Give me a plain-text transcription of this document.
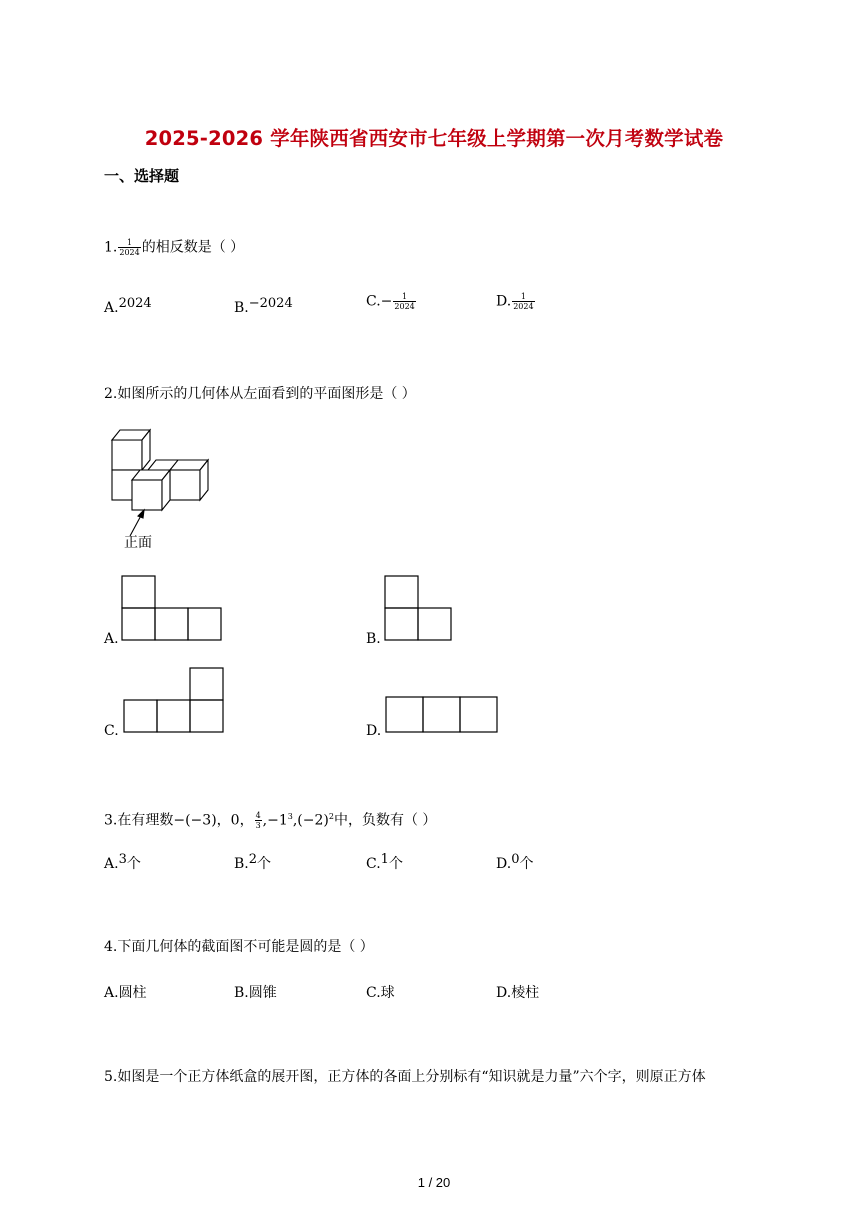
2025-2026 学年陕西省西安市七年级上学期第一次月考数学试卷
一、选择题
1. $\frac{1}{2024}$ 的相反数是（ ）
A.2024	B.−2024	$C.- \frac{1}{2024}$	D. $\frac{1}{2024}$
2.如图所示的几何体从左面看到的平面图形是（ ）
正面
A.	B.
C.	D.
3.在有理数−(−3)，0， $\frac{4}{3} ,-1^3,(-2)^2$中，负数有（ ）
A.3个	B.2个	C.1个	D.0个
4.下面几何体的截面图不可能是圆的是（ ）
A.圆柱	B.圆锥	C.球	D.棱柱
5.如图是一个正方体纸盒的展开图，正方体的各面上分别标有“知识就是力量”六个字，则原正方体
1 / 20
